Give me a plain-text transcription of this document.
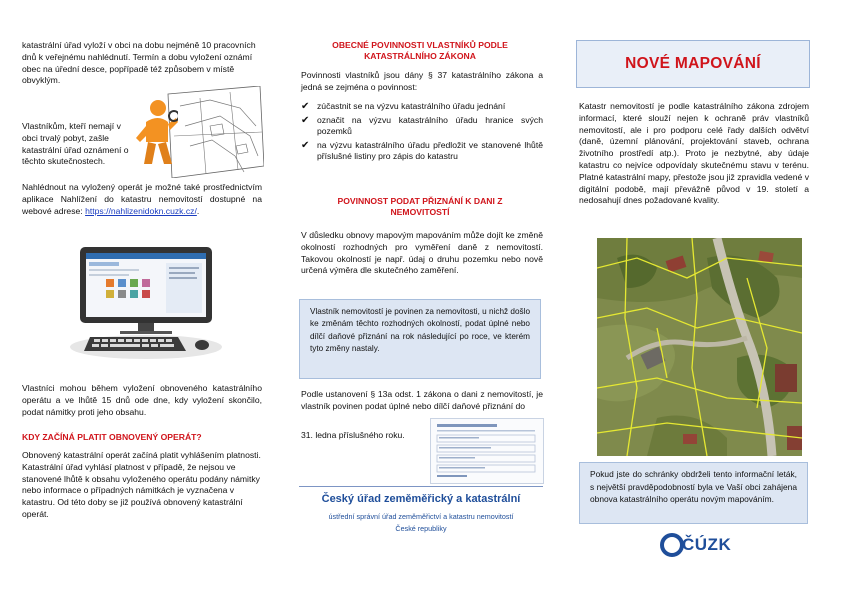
katastrální úřad vyloží v obci na dobu nejméně 10 pracovních dnů k veřejnému nahlédnutí. Termín a dobu vyložení oznámí obec na úřední desce, popřípadě též způsobem v místě obvyklým.

Vlastníkům, kteří nemají v obci trvalý pobyt, zašle katastrální úřad oznámení o těchto skutečnostech.

Nahlédnout na vyložený operát je možné také prostřednictvím aplikace Nahlížení do katastru nemovitostí dostupné na webové adrese: https://nahlizenidokn.cuzk.cz/.

Vlastníci mohou během vyložení obnoveného katastrálního operátu a ve lhůtě 15 dnů ode dne, kdy vyložení skončilo, podat námitky proti jeho obsahu.

KDY ZAČÍNÁ PLATIT OBNOVENÝ OPERÁT?

Obnovený katastrální operát začíná platit vyhlášením platnosti. Katastrální úřad vyhlásí platnost v případě, že nejsou ve stanovené lhůtě k obsahu vyloženého operátu podány námitky nebo informace o případných námitkách je vyznačena v katastru. Od této doby se již používá obnovený katastrální operát.

OBECNÉ POVINNOSTI VLASTNÍKŮ PODLE KATASTRÁLNÍHO ZÁKONA

Povinnosti vlastníků jsou dány § 37 katastrálního zákona a jedná se zejména o povinnost:

✔ zúčastnit se na výzvu katastrálního úřadu jednání
✔ označit na výzvu katastrálního úřadu hranice svých pozemků
✔ na výzvu katastrálního úřadu předložit ve stanovené lhůtě příslušné listiny pro zápis do katastru

POVINNOST PODAT PŘIZNÁNÍ K DANI Z NEMOVITOSTÍ

V důsledku obnovy mapovým mapováním může dojít ke změně okolností rozhodných pro vyměření daně z nemovitostí. Takovou okolností je např. údaj o druhu pozemku nebo nově určená výměra dle skutečného zaměření.

Vlastník nemovitostí je povinen za nemovitosti, u nichž došlo ke změnám těchto rozhodných okolností, podat úplné nebo dílčí daňové přiznání na rok následující po roce, ve kterém tyto změny nastaly.

Podle ustanovení § 13a odst. 1 zákona o dani z nemovitostí, je vlastník povinen podat úplné nebo dílčí daňové přiznání do

31. ledna příslušného roku.

Český úřad zeměměřický a katastrální

ústřední správní úřad zeměměřictví a katastru nemovitostí

České republiky

NOVÉ MAPOVÁNÍ

Katastr nemovitostí je podle katastrálního zákona zdrojem informací, které slouží nejen k ochraně práv vlastníků nemovitostí, ale i pro podporu celé řady dalších odvětví (daně, územní plánování, projektování staveb, ochrana životního prostředí atp.). Proto je nezbytné, aby údaje katastru co nejvíce odpovídaly skutečnému stavu v terénu. Platné katastrální mapy, přestože jsou již zpravidla vedené v digitální podobě, mají převážně původ v 19. století a nedosahují dnes požadované kvality.

Pokud jste do schránky obdrželi tento informační leták, s největší pravděpodobností byla ve Vaší obci zahájena obnova katastrálního operátu novým mapováním.
ČÚZK
